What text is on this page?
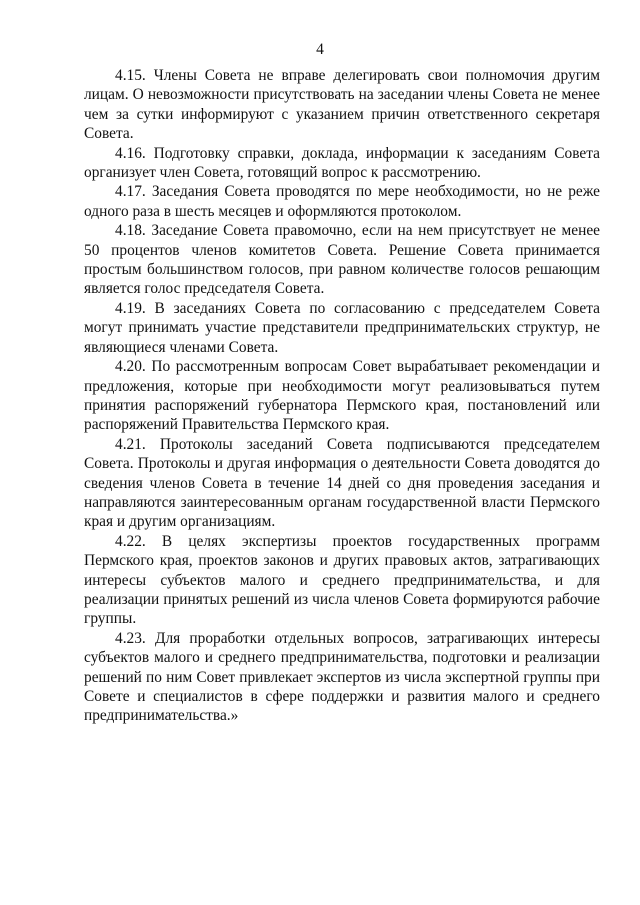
4

4.15. Члены Совета не вправе делегировать свои полномочия другим лицам. О невозможности присутствовать на заседании члены Совета не менее чем за сутки информируют с указанием причин ответственного секретаря Совета.

4.16. Подготовку справки, доклада, информации к заседаниям Совета организует член Совета, готовящий вопрос к рассмотрению.

4.17. Заседания Совета проводятся по мере необходимости, но не реже одного раза в шесть месяцев и оформляются протоколом.

4.18. Заседание Совета правомочно, если на нем присутствует не менее 50 процентов членов комитетов Совета. Решение Совета принимается простым большинством голосов, при равном количестве голосов решающим является голос председателя Совета.

4.19. В заседаниях Совета по согласованию с председателем Совета могут принимать участие представители предпринимательских структур, не являющиеся членами Совета.

4.20. По рассмотренным вопросам Совет вырабатывает рекомендации и предложения, которые при необходимости могут реализовываться путем принятия распоряжений губернатора Пермского края, постановлений или распоряжений Правительства Пермского края.

4.21. Протоколы заседаний Совета подписываются председателем Совета. Протоколы и другая информация о деятельности Совета доводятся до сведения членов Совета в течение 14 дней со дня проведения заседания и направляются заинтересованным органам государственной власти Пермского края и другим организациям.

4.22. В целях экспертизы проектов государственных программ Пермского края, проектов законов и других правовых актов, затрагивающих интересы субъектов малого и среднего предпринимательства, и для реализации принятых решений из числа членов Совета формируются рабочие группы.

4.23. Для проработки отдельных вопросов, затрагивающих интересы субъектов малого и среднего предпринимательства, подготовки и реализации решений по ним Совет привлекает экспертов из числа экспертной группы при Совете и специалистов в сфере поддержки и развития малого и среднего предпринимательства.»
